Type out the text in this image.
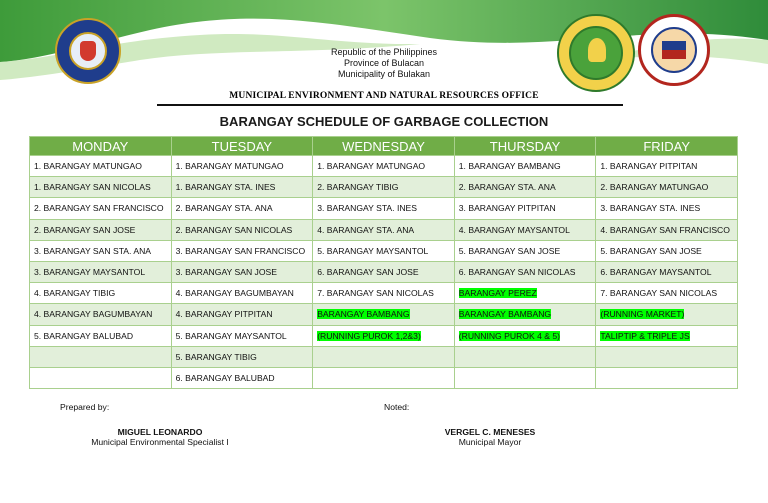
Republic of the Philippines
Province of Bulacan
Municipality of Bulakan
MUNICIPAL ENVIRONMENT AND NATURAL RESOURCES OFFICE
BARANGAY SCHEDULE OF GARBAGE COLLECTION
MONDAY	TUESDAY	WEDNESDAY	THURSDAY	FRIDAY
1. BARANGAY MATUNGAO	1. BARANGAY MATUNGAO	1. BARANGAY MATUNGAO	1. BARANGAY BAMBANG	1. BARANGAY PITPITAN
1. BARANGAY SAN NICOLAS	1. BARANGAY STA. INES	2. BARANGAY TIBIG	2. BARANGAY STA. ANA	2. BARANGAY MATUNGAO
2. BARANGAY SAN FRANCISCO	2. BARANGAY STA. ANA	3. BARANGAY STA. INES	3. BARANGAY PITPITAN	3. BARANGAY STA. INES
2. BARANGAY SAN JOSE	2. BARANGAY SAN NICOLAS	4. BARANGAY STA. ANA	4. BARANGAY MAYSANTOL	4. BARANGAY SAN FRANCISCO
3. BARANGAY SAN STA. ANA	3. BARANGAY SAN FRANCISCO	5. BARANGAY MAYSANTOL	5. BARANGAY SAN JOSE	5. BARANGAY SAN JOSE
3. BARANGAY MAYSANTOL	3. BARANGAY SAN JOSE	6. BARANGAY SAN JOSE	6. BARANGAY SAN NICOLAS	6. BARANGAY MAYSANTOL
4. BARANGAY TIBIG	4. BARANGAY BAGUMBAYAN	7. BARANGAY SAN NICOLAS	BARANGAY PEREZ	7. BARANGAY SAN NICOLAS
4. BARANGAY BAGUMBAYAN	4. BARANGAY PITPITAN	BARANGAY BAMBANG	BARANGAY BAMBANG	(RUNNING MARKET)
5. BARANGAY BALUBAD	5. BARANGAY MAYSANTOL	(RUNNING PUROK 1,2&3)	(RUNNING PUROK 4 & 5)	TALIPTIP & TRIPLE JS
	5. BARANGAY TIBIG			
	6. BARANGAY BALUBAD			
Prepared by:
MIGUEL LEONARDO
Municipal Environmental Specialist I
Noted:
VERGEL C. MENESES
Municipal Mayor
